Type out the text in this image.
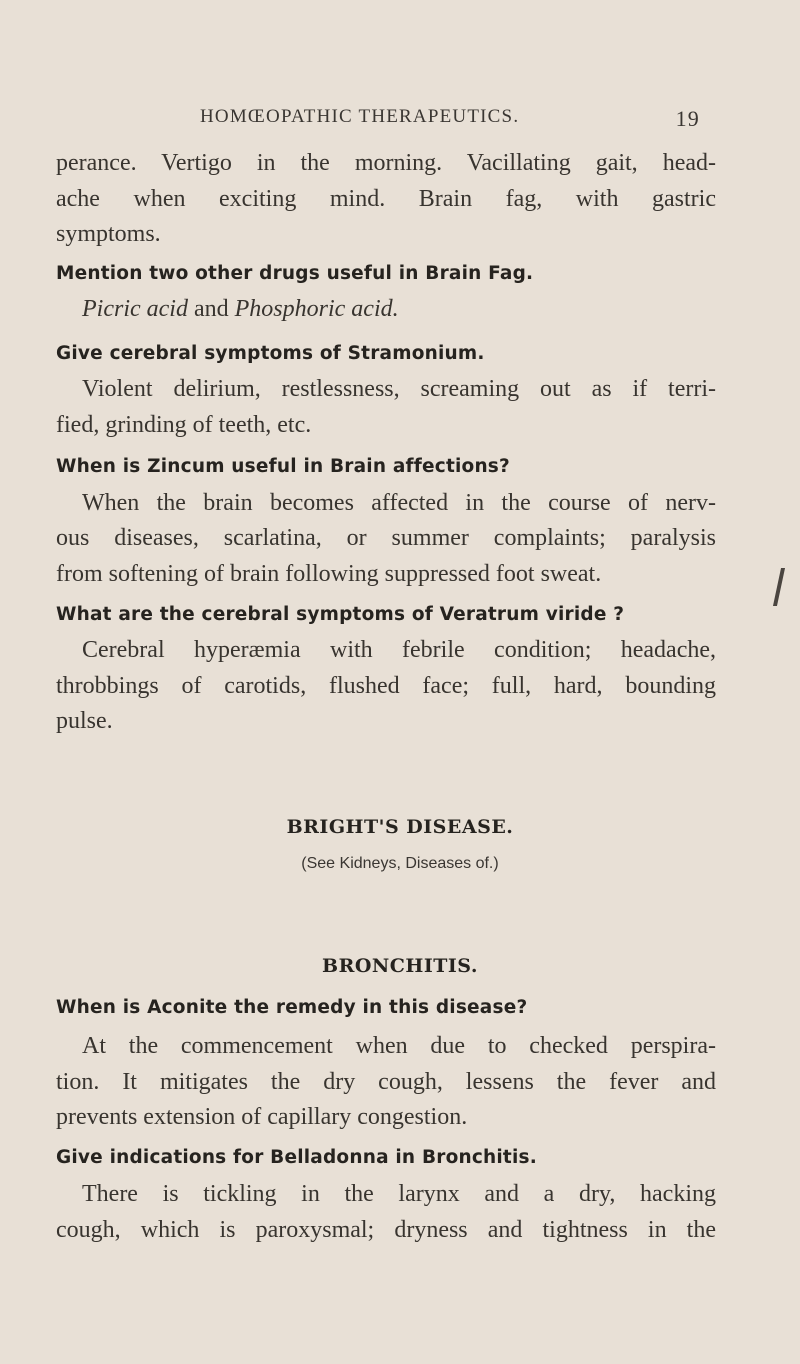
HOMŒOPATHIC THERAPEUTICS.	19
perance. Vertigo in the morning. Vacillating gait, head-
ache when exciting mind. Brain fag, with gastric
symptoms.
Mention two other drugs useful in Brain Fag.
Picric acid and Phosphoric acid.
Give cerebral symptoms of Stramonium.
Violent delirium, restlessness, screaming out as if terri-
fied, grinding of teeth, etc.
When is Zincum useful in Brain affections?
When the brain becomes affected in the course of nerv-
ous diseases, scarlatina, or summer complaints; paralysis
from softening of brain following suppressed foot sweat.
What are the cerebral symptoms of Veratrum viride ?
Cerebral hyperæmia with febrile condition; headache,
throbbings of carotids, flushed face; full, hard, bounding
pulse.
BRIGHT'S DISEASE.
(See Kidneys, Diseases of.)
BRONCHITIS.
When is Aconite the remedy in this disease?
At the commencement when due to checked perspira-
tion. It mitigates the dry cough, lessens the fever and
prevents extension of capillary congestion.
Give indications for Belladonna in Bronchitis.
There is tickling in the larynx and a dry, hacking
cough, which is paroxysmal; dryness and tightness in the
